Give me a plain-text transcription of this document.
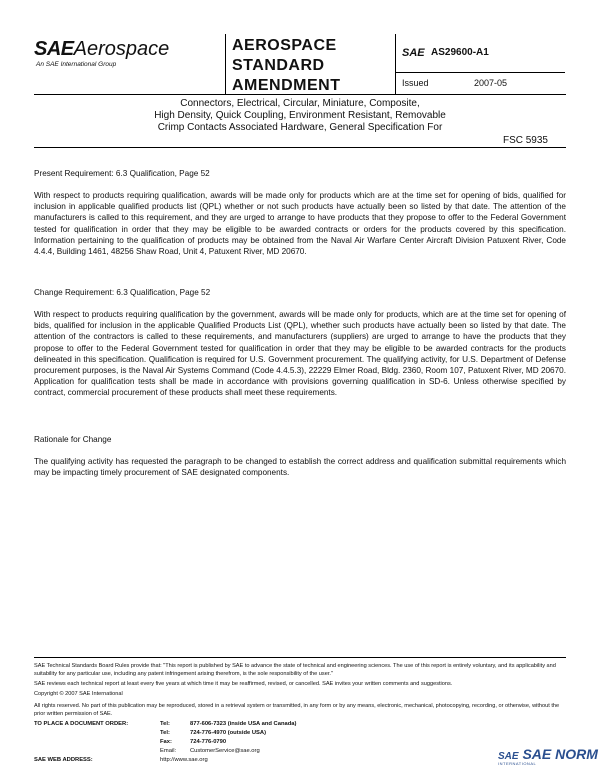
SAEAerospace
An SAE International Group
AEROSPACE
STANDARD
AMENDMENT
SAE AS29600-A1
Issued	2007-05
Connectors, Electrical, Circular, Miniature, Composite,
High Density, Quick Coupling, Environment Resistant, Removable
Crimp Contacts Associated Hardware, General Specification For
FSC 5935
Present Requirement: 6.3 Qualification, Page 52
With respect to products requiring qualification, awards will be made only for products which are at the time set for opening of bids, qualified for inclusion in applicable qualified products list (QPL) whether or not such products have actually been so listed by that date. The attention of the manufacturers is called to this requirement, and they are urged to arrange to have products that they propose to offer to the Federal Government tested for qualification in order that they may be eligible to be awarded contracts or orders for the products covered by this specification. Information pertaining to the qualification of products may be obtained from the Naval Air Warfare Center Aircraft Division Patuxent River, Code 4.4.4, Building 1461, 48256 Shaw Road, Unit 4, Patuxent River, MD 20670.
Change Requirement: 6.3 Qualification, Page 52
With respect to products requiring qualification by the government, awards will be made only for products, which are at the time set for opening of bids, qualified for inclusion in the applicable Qualified Products List (QPL), whether such products have actually been so listed by that date. The attention of the contractors is called to these requirements, and manufacturers (suppliers) are urged to arrange to have the products that they propose to offer to the Federal Government tested for qualification in order that they may be eligible to be awarded contracts for the products delineated in this specification. Qualification is required for U.S. Government procurement. The qualifying activity, for U.S. Department of Defense procurement purposes, is the Naval Air Systems Command (Code 4.4.5.3), 22229 Elmer Road, Bldg. 2360, Room 107, Patuxent River, MD 20670. Application for qualification tests shall be made in accordance with provisions governing qualification in SD-6. Unless otherwise specified by contract, commercial procurement of these products shall meet these requirements.
Rationale for Change
The qualifying activity has requested the paragraph to be changed to establish the correct address and qualification submittal requirements which may be impacting timely procurement of SAE designated components.
SAE Technical Standards Board Rules provide that: "This report is published by SAE to advance the state of technical and engineering sciences. The use of this report is entirely voluntary, and its applicability and suitability for any particular use, including any patent infringement arising therefrom, is the sole responsibility of the user."
SAE reviews each technical report at least every five years at which time it may be reaffirmed, revised, or cancelled. SAE invites your written comments and suggestions.
Copyright © 2007 SAE International
All rights reserved. No part of this publication may be reproduced, stored in a retrieval system or transmitted, in any form or by any means, electronic, mechanical, photocopying, recording, or otherwise, without the prior written permission of SAE.
TO PLACE A DOCUMENT ORDER:	Tel:	877-606-7323 (inside USA and Canada)
Tel:	724-776-4970 (outside USA)
Fax:	724-776-0790
Email: CustomerService@sae.org
SAE WEB ADDRESS:	http://www.sae.org	SAE SAE NORM
INTERNATIONAL
